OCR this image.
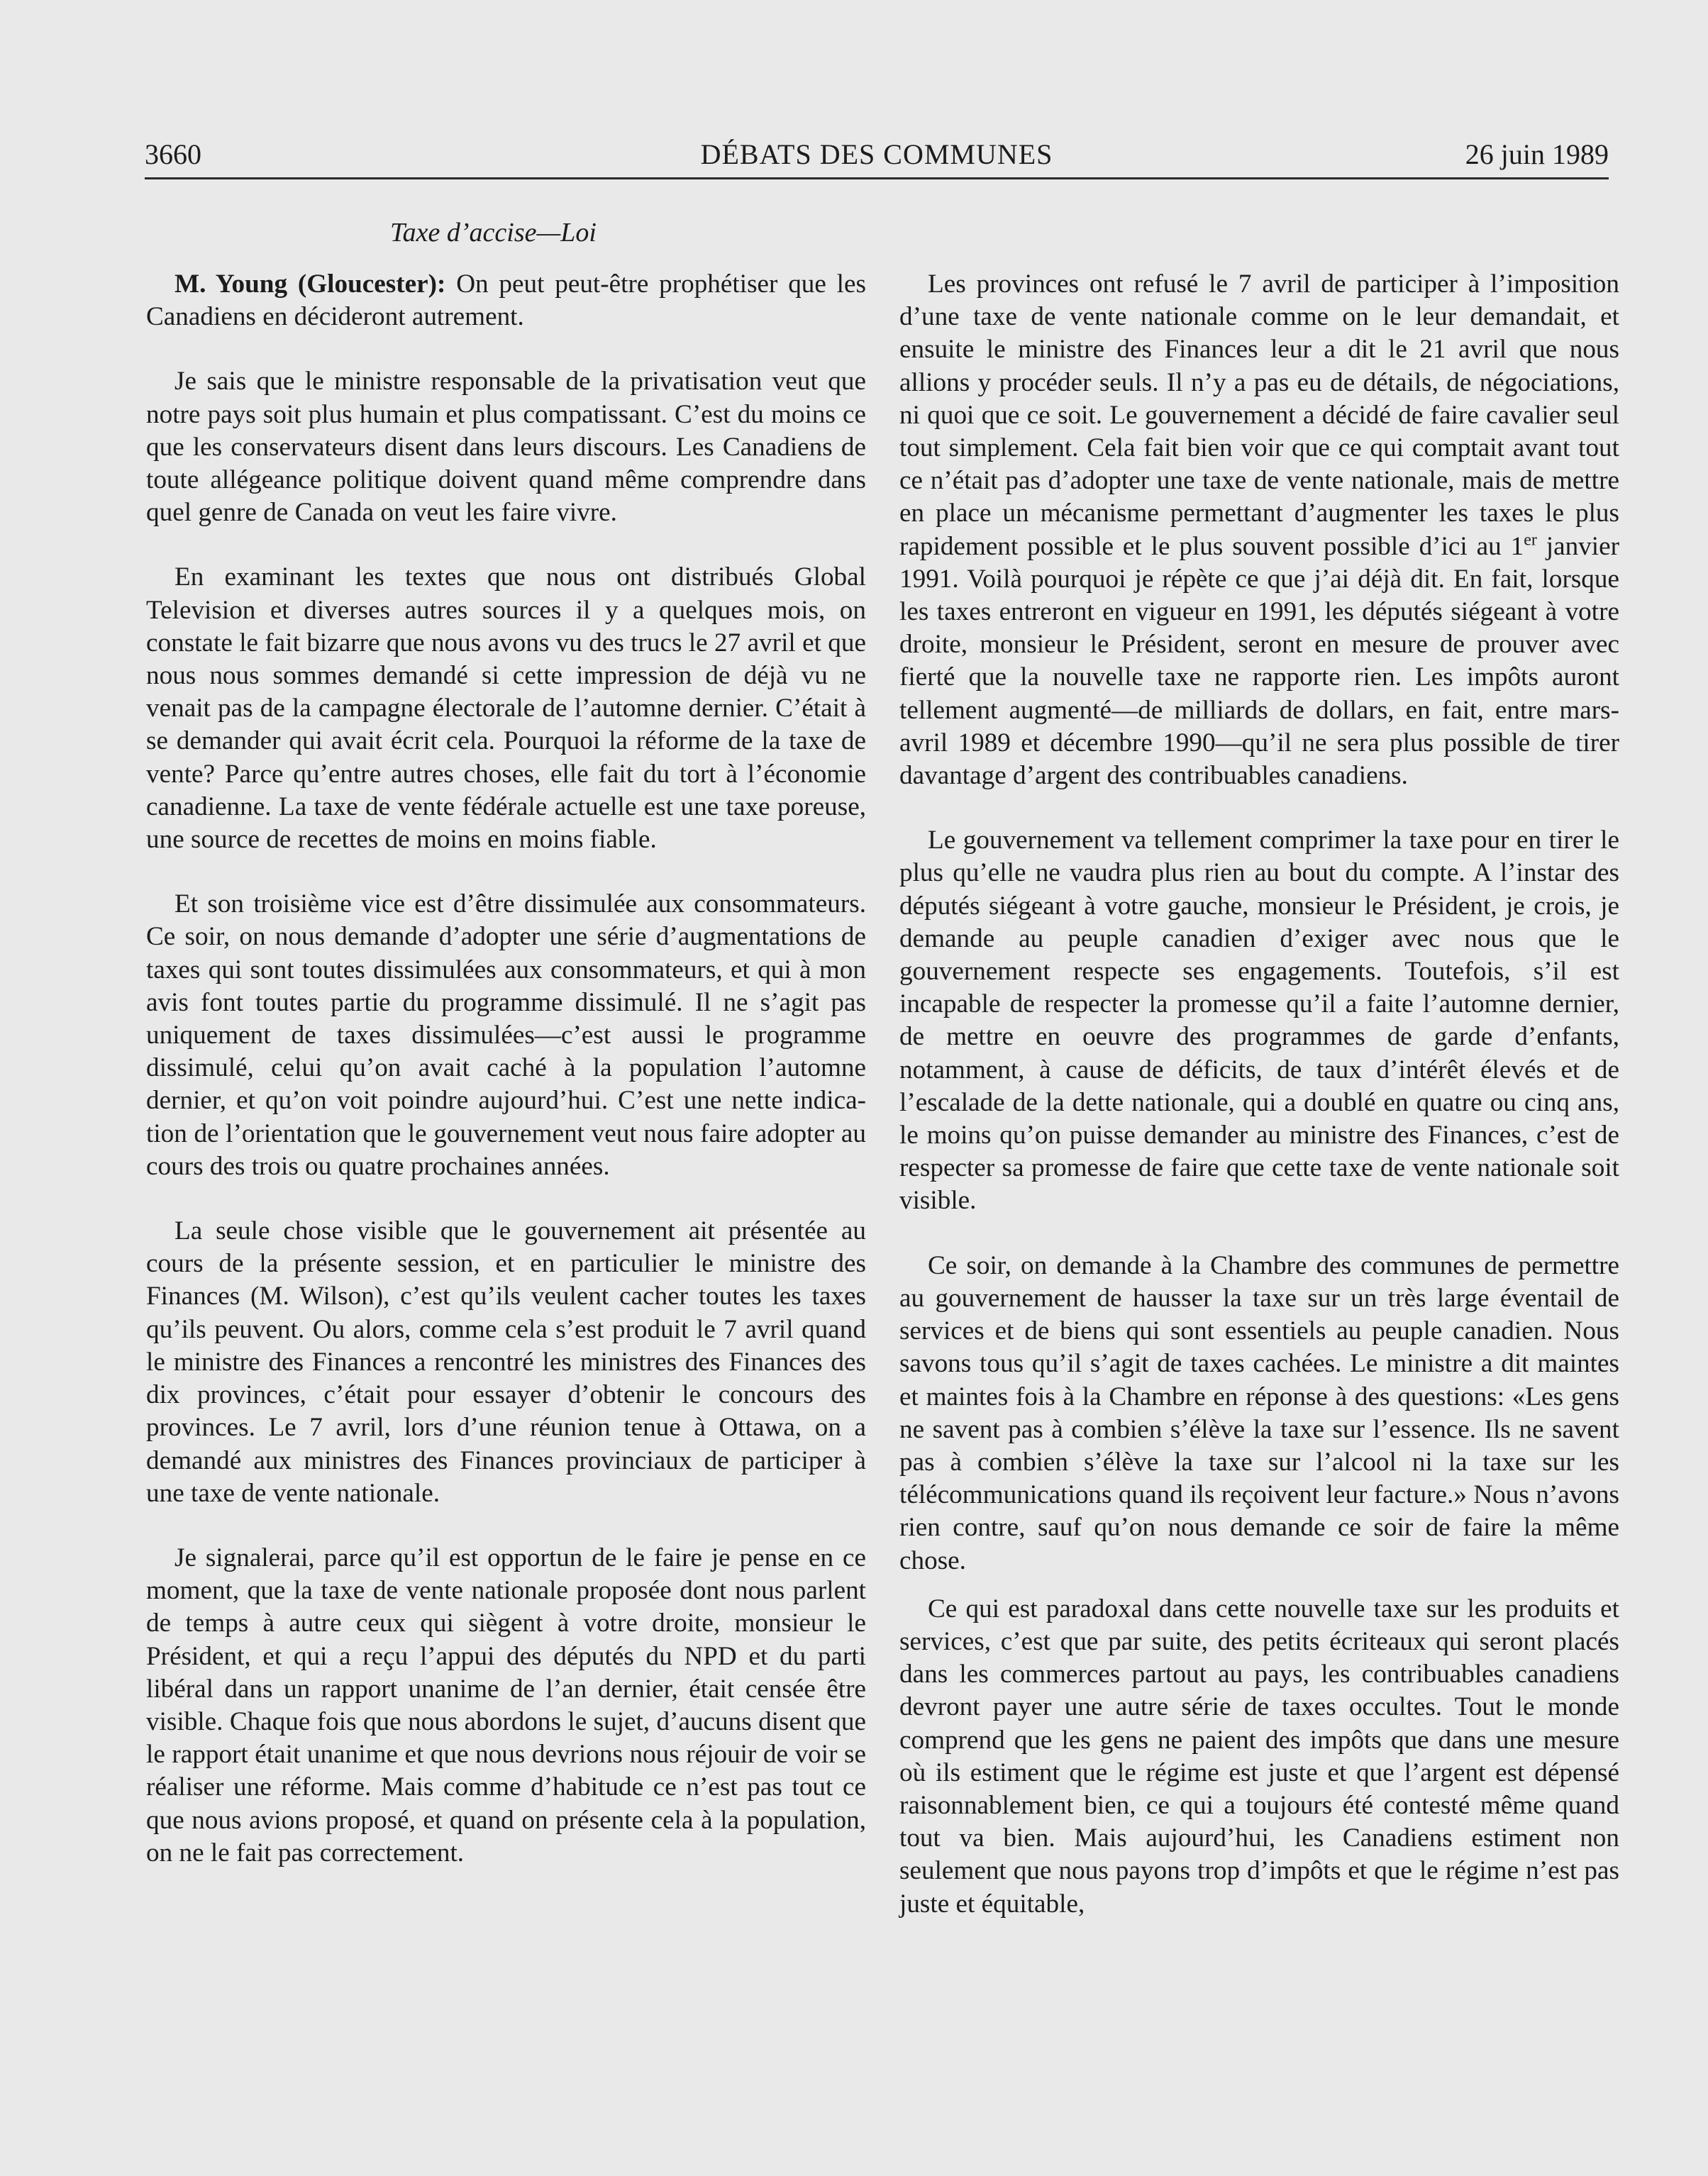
3660	DÉBATS DES COMMUNES	26 juin 1989
Taxe d’accise—Loi

M. Young (Gloucester): On peut peut-être prophétiser que les Canadiens en décideront autrement.

Je sais que le ministre responsable de la privatisation veut que notre pays soit plus humain et plus compatissant. C’est du moins ce que les conservateurs disent dans leurs discours. Les Canadiens de toute allégeance politique doivent quand même comprendre dans quel genre de Canada on veut les faire vivre.

En examinant les textes que nous ont distribués Global Television et diverses autres sources il y a quelques mois, on constate le fait bizarre que nous avons vu des trucs le 27 avril et que nous nous sommes demandé si cette impression de déjà vu ne venait pas de la campagne électorale de l’automne dernier. C’était à se demander qui avait écrit cela. Pourquoi la réforme de la taxe de vente? Parce qu’entre autres choses, elle fait du tort à l’économie canadienne. La taxe de vente fédérale actuelle est une taxe poreuse, une source de recettes de moins en moins fiable.

Et son troisième vice est d’être dissimulée aux consommateurs. Ce soir, on nous demande d’adopter une série d’augmentations de taxes qui sont toutes dissimulées aux consommateurs, et qui à mon avis font toutes partie du programme dissimulé. Il ne s’agit pas uniquement de taxes dissimulées—c’est aussi le programme dissimulé, celui qu’on avait caché à la population l’automne dernier, et qu’on voit poindre aujourd’hui. C’est une nette indication de l’orientation que le gouvernement veut nous faire adopter au cours des trois ou quatre prochaines années.

La seule chose visible que le gouvernement ait présentée au cours de la présente session, et en particulier le ministre des Finances (M. Wilson), c’est qu’ils veulent cacher toutes les taxes qu’ils peuvent. Ou alors, comme cela s’est produit le 7 avril quand le ministre des Finances a rencontré les ministres des Finances des dix provinces, c’était pour essayer d’obtenir le concours des provinces. Le 7 avril, lors d’une réunion tenue à Ottawa, on a demandé aux ministres des Finances provinciaux de participer à une taxe de vente nationale.

Je signalerai, parce qu’il est opportun de le faire je pense en ce moment, que la taxe de vente nationale proposée dont nous parlent de temps à autre ceux qui siègent à votre droite, monsieur le Président, et qui a reçu l’appui des députés du NPD et du parti libéral dans un rapport unanime de l’an dernier, était censée être visible. Chaque fois que nous abordons le sujet, d’aucuns disent que le rapport était unanime et que nous devrions nous réjouir de voir se réaliser une réforme. Mais comme d’habitude ce n’est pas tout ce que nous avions proposé, et quand on présente cela à la population, on ne le fait pas correctement.

Les provinces ont refusé le 7 avril de participer à l’imposition d’une taxe de vente nationale comme on le leur demandait, et ensuite le ministre des Finances leur a dit le 21 avril que nous allions y procéder seuls. Il n’y a pas eu de détails, de négociations, ni quoi que ce soit. Le gouvernement a décidé de faire cavalier seul tout simplement. Cela fait bien voir que ce qui comptait avant tout ce n’était pas d’adopter une taxe de vente nationale, mais de mettre en place un mécanisme permettant d’augmenter les taxes le plus rapidement possible et le plus souvent possible d’ici au 1er janvier 1991. Voilà pourquoi je répète ce que j’ai déjà dit. En fait, lorsque les taxes entreront en vigueur en 1991, les députés siégeant à votre droite, monsieur le Président, seront en mesure de prouver avec fierté que la nouvelle taxe ne rapporte rien. Les impôts auront tellement augmenté—de milliards de dollars, en fait, entre mars-avril 1989 et décembre 1990—qu’il ne sera plus possible de tirer davantage d’argent des contribuables canadiens.

Le gouvernement va tellement comprimer la taxe pour en tirer le plus qu’elle ne vaudra plus rien au bout du compte. A l’instar des députés siégeant à votre gauche, monsieur le Président, je crois, je demande au peuple canadien d’exiger avec nous que le gouvernement respecte ses engagements. Toutefois, s’il est incapable de respecter la promesse qu’il a faite l’automne dernier, de mettre en oeuvre des programmes de garde d’enfants, notamment, à cause de déficits, de taux d’intérêt élevés et de l’escalade de la dette nationale, qui a doublé en quatre ou cinq ans, le moins qu’on puisse demander au ministre des Finances, c’est de respecter sa promesse de faire que cette taxe de vente nationale soit visible.

Ce soir, on demande à la Chambre des communes de permettre au gouvernement de hausser la taxe sur un très large éventail de services et de biens qui sont essentiels au peuple canadien. Nous savons tous qu’il s’agit de taxes cachées. Le ministre a dit maintes et maintes fois à la Chambre en réponse à des questions: «Les gens ne savent pas à combien s’élève la taxe sur l’essence. Ils ne savent pas à combien s’élève la taxe sur l’alcool ni la taxe sur les télécommunications quand ils reçoivent leur facture.» Nous n’avons rien contre, sauf qu’on nous demande ce soir de faire la même chose.

Ce qui est paradoxal dans cette nouvelle taxe sur les produits et services, c’est que par suite, des petits écriteaux qui seront placés dans les commerces partout au pays, les contribuables canadiens devront payer une autre série de taxes occultes. Tout le monde comprend que les gens ne paient des impôts que dans une mesure où ils estiment que le régime est juste et que l’argent est dépensé raisonnablement bien, ce qui a toujours été contesté même quand tout va bien. Mais aujourd’hui, les Canadiens estiment non seulement que nous payons trop d’impôts et que le régime n’est pas juste et équitable,
